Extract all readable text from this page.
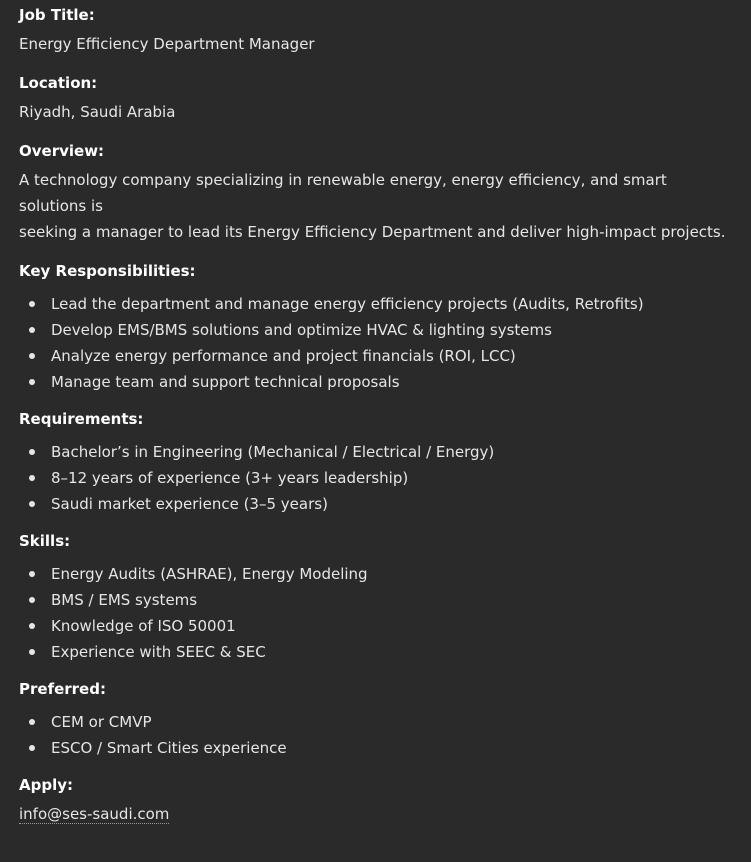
Job Title:

Energy Efficiency Department Manager

Location:

Riyadh, Saudi Arabia

Overview:

A technology company specializing in renewable energy, energy efficiency, and smart solutions is
seeking a manager to lead its Energy Efficiency Department and deliver high-impact projects.

Key Responsibilities:

Lead the department and manage energy efficiency projects (Audits, Retrofits)
Develop EMS/BMS solutions and optimize HVAC & lighting systems
Analyze energy performance and project financials (ROI, LCC)
Manage team and support technical proposals

Requirements:

Bachelor’s in Engineering (Mechanical / Electrical / Energy)
8–12 years of experience (3+ years leadership)
Saudi market experience (3–5 years)

Skills:

Energy Audits (ASHRAE), Energy Modeling
BMS / EMS systems
Knowledge of ISO 50001
Experience with SEEC & SEC

Preferred:

CEM or CMVP
ESCO / Smart Cities experience

Apply:

info@ses-saudi.com
